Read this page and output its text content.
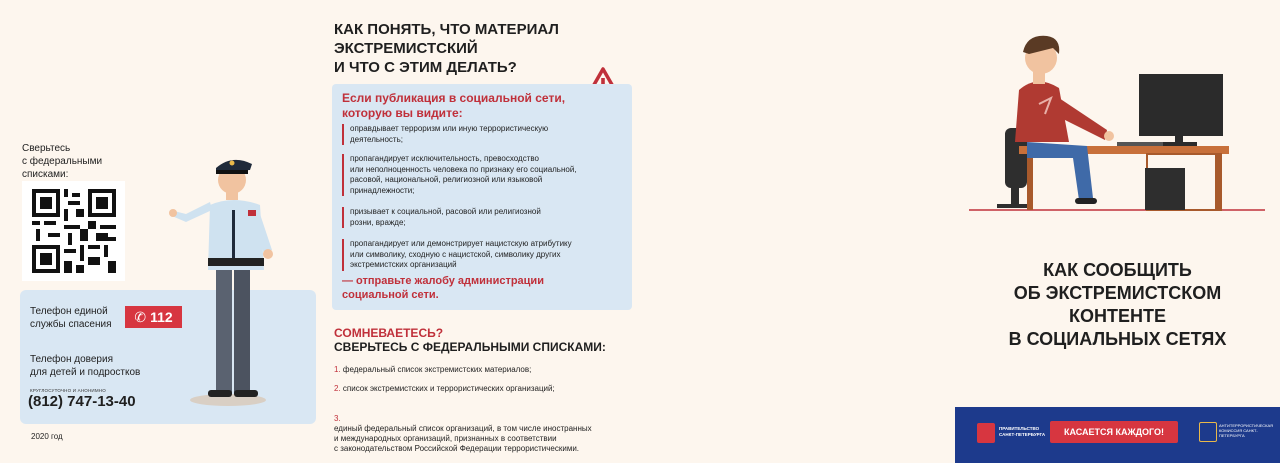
Сверьтесь
с федеральными
списками:
Телефон единой
службы спасения ✆ 112
Телефон доверия
для детей и подростков
КРУГЛОСУТОЧНО И АНОНИМНО
(812) 747-13-40
2020 год
КАК ПОНЯТЬ, ЧТО МАТЕРИАЛ
ЭКСТРЕМИСТСКИЙ
И ЧТО С ЭТИМ ДЕЛАТЬ?
Если публикация в социальной сети,
которую вы видите:
оправдывает терроризм или иную террористическую
деятельность;
пропагандирует исключительность, превосходство
или неполноценность человека по признаку его социальной,
расовой, национальной, религиозной или языковой
принадлежности;
призывает к социальной, расовой или религиозной
розни, вражде;
пропагандирует или демонстрирует нацистскую атрибутику
или символику, сходную с нацистской, символику других
экстремистских организаций
— отправьте жалобу администрации
социальной сети.
СОМНЕВАЕТЕСЬ?
СВЕРЬТЕСЬ С ФЕДЕРАЛЬНЫМИ СПИСКАМИ:
1. федеральный список экстремистских материалов;
2. список экстремистских и террористических организаций;

3.
единый федеральный список организаций, в том числе иностранных
и международных организаций, признанных в соответствии
с законодательством Российской Федерации террористическими.

КАК СООБЩИТЬ
ОБ ЭКСТРЕМИСТСКОМ
КОНТЕНТЕ
В СОЦИАЛЬНЫХ СЕТЯХ
ПРАВИТЕЛЬСТВО
САНКТ-ПЕТЕРБУРГА КАСАЕТСЯ КАЖДОГО!
АНТИТЕРРОРИСТИЧЕСКАЯ
КОМИССИЯ САНКТ-ПЕТЕРБУРГА
